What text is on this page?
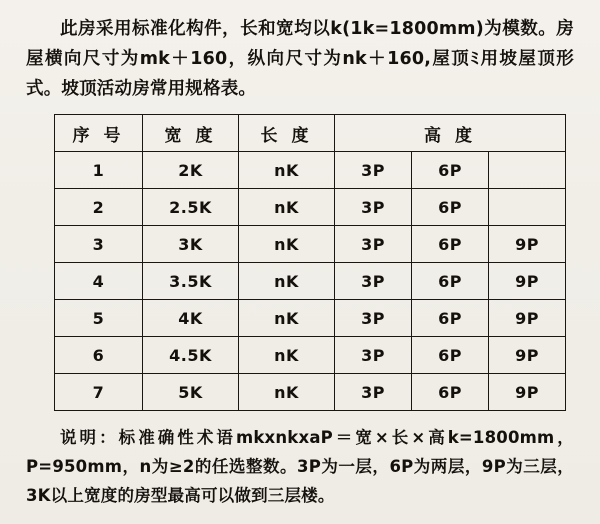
此房采用标准化构件，长和宽均以k(1k=1800mm)为模数。房屋横向尺寸为mk＋160，纵向尺寸为nk＋160,屋顶ﾐ用坡屋顶形式。坡顶活动房常用规格表。

序 号	宽 度	长 度	高 度		
1	2K	nK	3P	6P	
2	2.5K	nK	3P	6P	
3	3K	nK	3P	6P	9P
4	3.5K	nK	3P	6P	9P
5	4K	nK	3P	6P	9P
6	4.5K	nK	3P	6P	9P
7	5K	nK	3P	6P	9P

说明：标准确性术语mkxnkxaP＝宽×长×高k=1800mm，P=950mm，n为≥2的任选整数。3P为一层，6P为两层，9P为三层，3K以上宽度的房型最高可以做到三层楼。
